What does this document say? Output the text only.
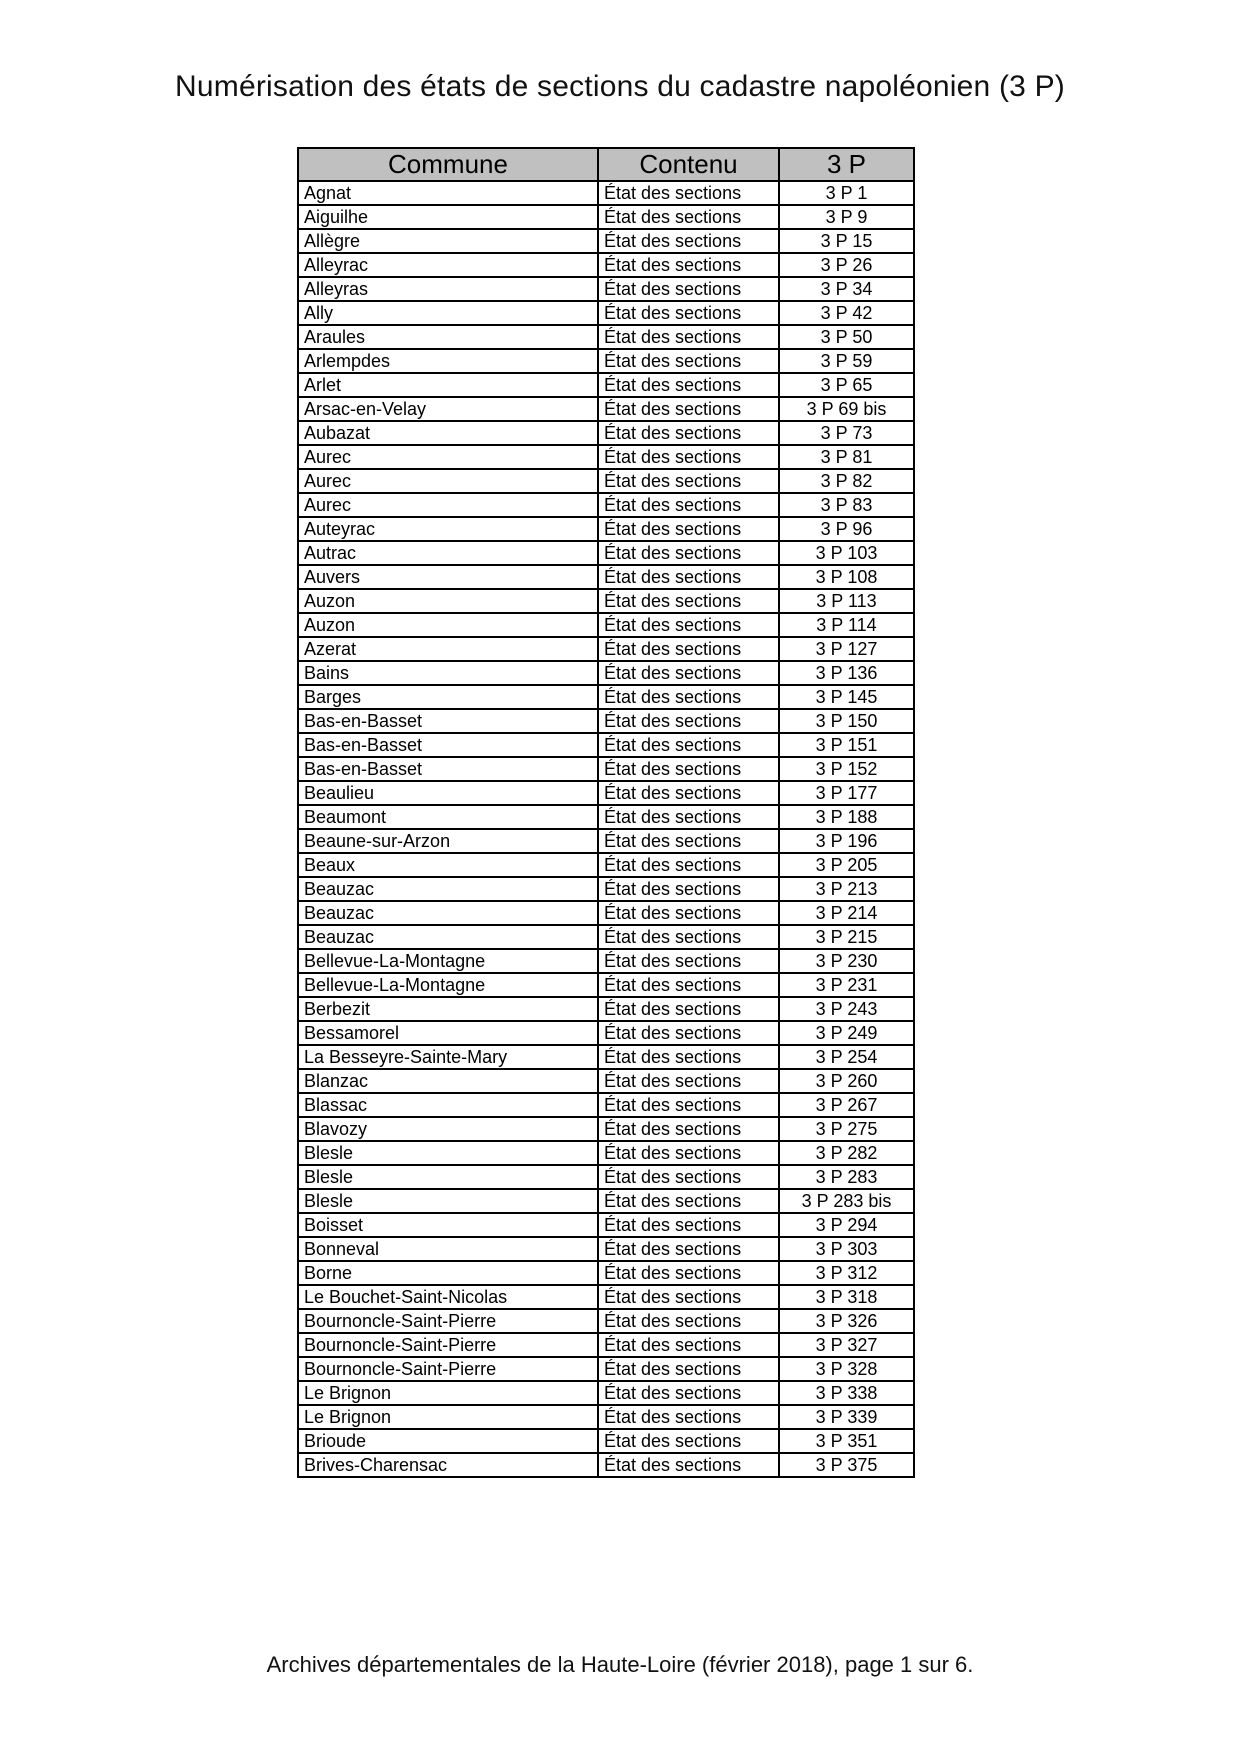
Numérisation des états de sections du cadastre napoléonien (3 P)
Commune	Contenu	3 P
Agnat	État des sections	3 P 1
Aiguilhe	État des sections	3 P 9
Allègre	État des sections	3 P 15
Alleyrac	État des sections	3 P 26
Alleyras	État des sections	3 P 34
Ally	État des sections	3 P 42
Araules	État des sections	3 P 50
Arlempdes	État des sections	3 P 59
Arlet	État des sections	3 P 65
Arsac-en-Velay	État des sections	3 P 69 bis
Aubazat	État des sections	3 P 73
Aurec	État des sections	3 P 81
Aurec	État des sections	3 P 82
Aurec	État des sections	3 P 83
Auteyrac	État des sections	3 P 96
Autrac	État des sections	3 P 103
Auvers	État des sections	3 P 108
Auzon	État des sections	3 P 113
Auzon	État des sections	3 P 114
Azerat	État des sections	3 P 127
Bains	État des sections	3 P 136
Barges	État des sections	3 P 145
Bas-en-Basset	État des sections	3 P 150
Bas-en-Basset	État des sections	3 P 151
Bas-en-Basset	État des sections	3 P 152
Beaulieu	État des sections	3 P 177
Beaumont	État des sections	3 P 188
Beaune-sur-Arzon	État des sections	3 P 196
Beaux	État des sections	3 P 205
Beauzac	État des sections	3 P 213
Beauzac	État des sections	3 P 214
Beauzac	État des sections	3 P 215
Bellevue-La-Montagne	État des sections	3 P 230
Bellevue-La-Montagne	État des sections	3 P 231
Berbezit	État des sections	3 P 243
Bessamorel	État des sections	3 P 249
La Besseyre-Sainte-Mary	État des sections	3 P 254
Blanzac	État des sections	3 P 260
Blassac	État des sections	3 P 267
Blavozy	État des sections	3 P 275
Blesle	État des sections	3 P 282
Blesle	État des sections	3 P 283
Blesle	État des sections	3 P 283 bis
Boisset	État des sections	3 P 294
Bonneval	État des sections	3 P 303
Borne	État des sections	3 P 312
Le Bouchet-Saint-Nicolas	État des sections	3 P 318
Bournoncle-Saint-Pierre	État des sections	3 P 326
Bournoncle-Saint-Pierre	État des sections	3 P 327
Bournoncle-Saint-Pierre	État des sections	3 P 328
Le Brignon	État des sections	3 P 338
Le Brignon	État des sections	3 P 339
Brioude	État des sections	3 P 351
Brives-Charensac	État des sections	3 P 375
Archives départementales de la Haute-Loire (février 2018), page 1 sur 6.
